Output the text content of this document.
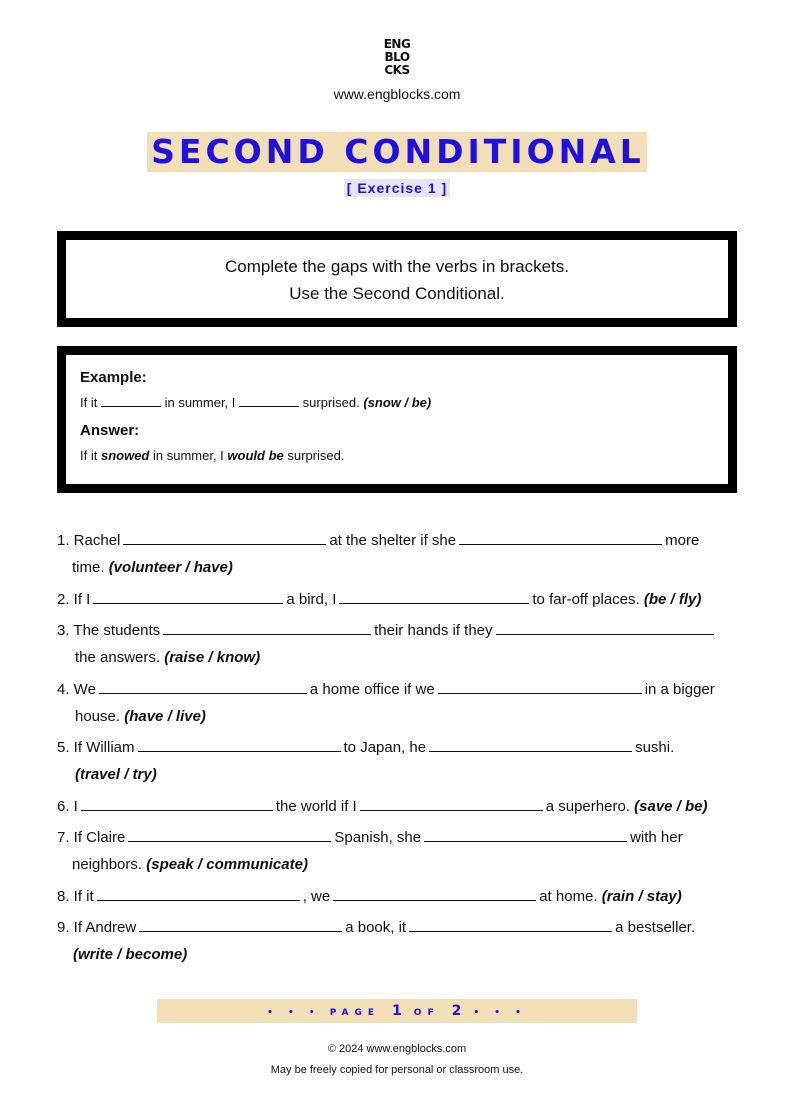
ENG
BLO
CKS
www.engblocks.com
SECOND CONDITIONAL
[ Exercise 1 ]
Complete the gaps with the verbs in brackets.
Use the Second Conditional.
Example:
If it	in summer, I	surprised. (snow / be)
Answer:
If it snowed in summer, I would be surprised.
1. Rachel	at the shelter if she	more
time. (volunteer / have)
2. If I	a bird, I	to far-off places. (be / fly)
3. The students	their hands if they
the answers. (raise / know)
4. We	a home office if we	in a bigger
house. (have / live)
5. If William	to Japan, he	sushi.
(travel / try)
6. I	the world if I	a superhero. (save / be)
7. If Claire	Spanish, she	with her
neighbors. (speak / communicate)
8. If it	, we	at home. (rain / stay)
9. If Andrew	a book, it	a bestseller.
(write / become)
• • • PAGE 1 OF 2 • • •
© 2024 www.engblocks.com
May be freely copied for personal or classroom use.
